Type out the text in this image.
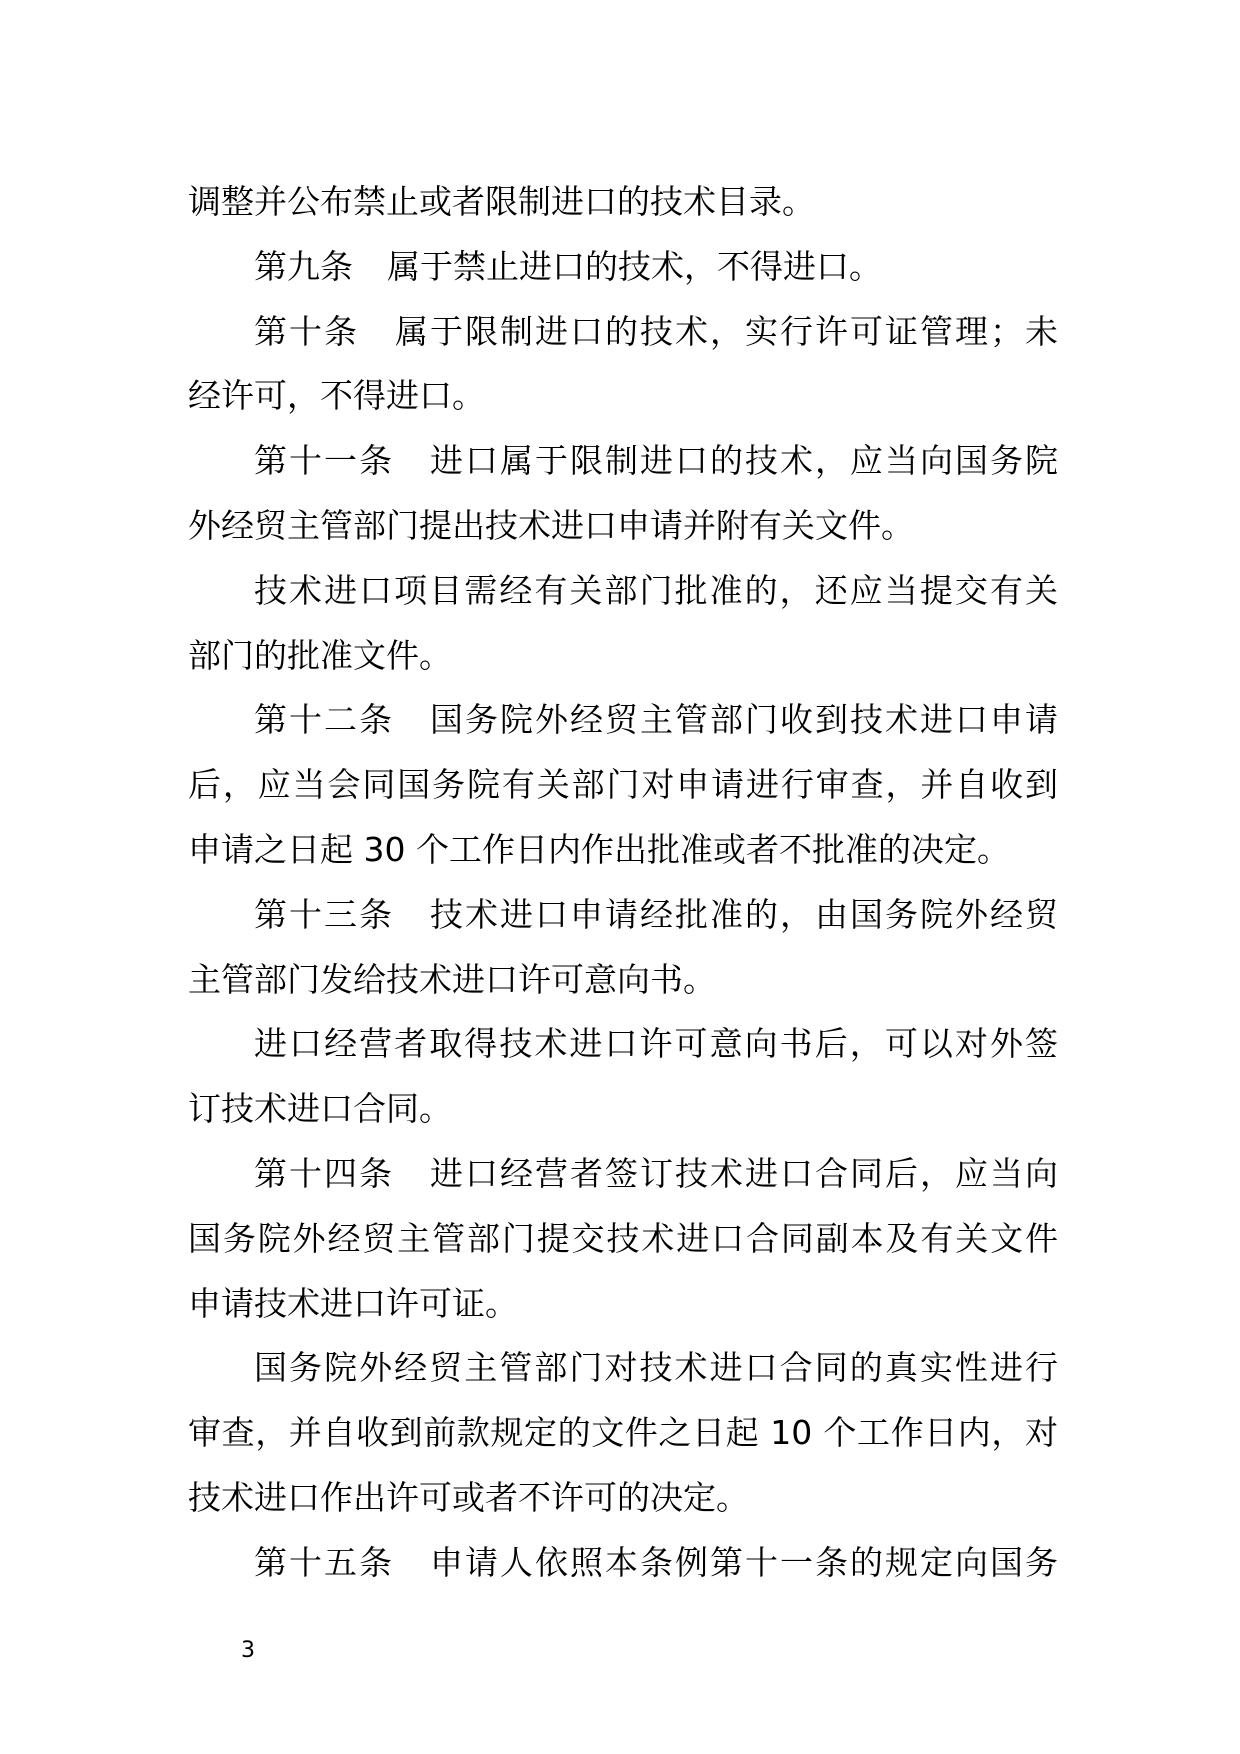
调整并公布禁止或者限制进口的技术目录。
第九条 属于禁止进口的技术，不得进口。
第十条 属于限制进口的技术，实行许可证管理；未
经许可，不得进口。
第十一条 进口属于限制进口的技术，应当向国务院
外经贸主管部门提出技术进口申请并附有关文件。
技术进口项目需经有关部门批准的，还应当提交有关
部门的批准文件。
第十二条 国务院外经贸主管部门收到技术进口申请
后，应当会同国务院有关部门对申请进行审查，并自收到
申请之日起 30 个工作日内作出批准或者不批准的决定。
第十三条 技术进口申请经批准的，由国务院外经贸
主管部门发给技术进口许可意向书。
进口经营者取得技术进口许可意向书后，可以对外签
订技术进口合同。
第十四条 进口经营者签订技术进口合同后，应当向
国务院外经贸主管部门提交技术进口合同副本及有关文件
申请技术进口许可证。
国务院外经贸主管部门对技术进口合同的真实性进行
审查，并自收到前款规定的文件之日起 10 个工作日内，对
技术进口作出许可或者不许可的决定。
第十五条 申请人依照本条例第十一条的规定向国务
3
